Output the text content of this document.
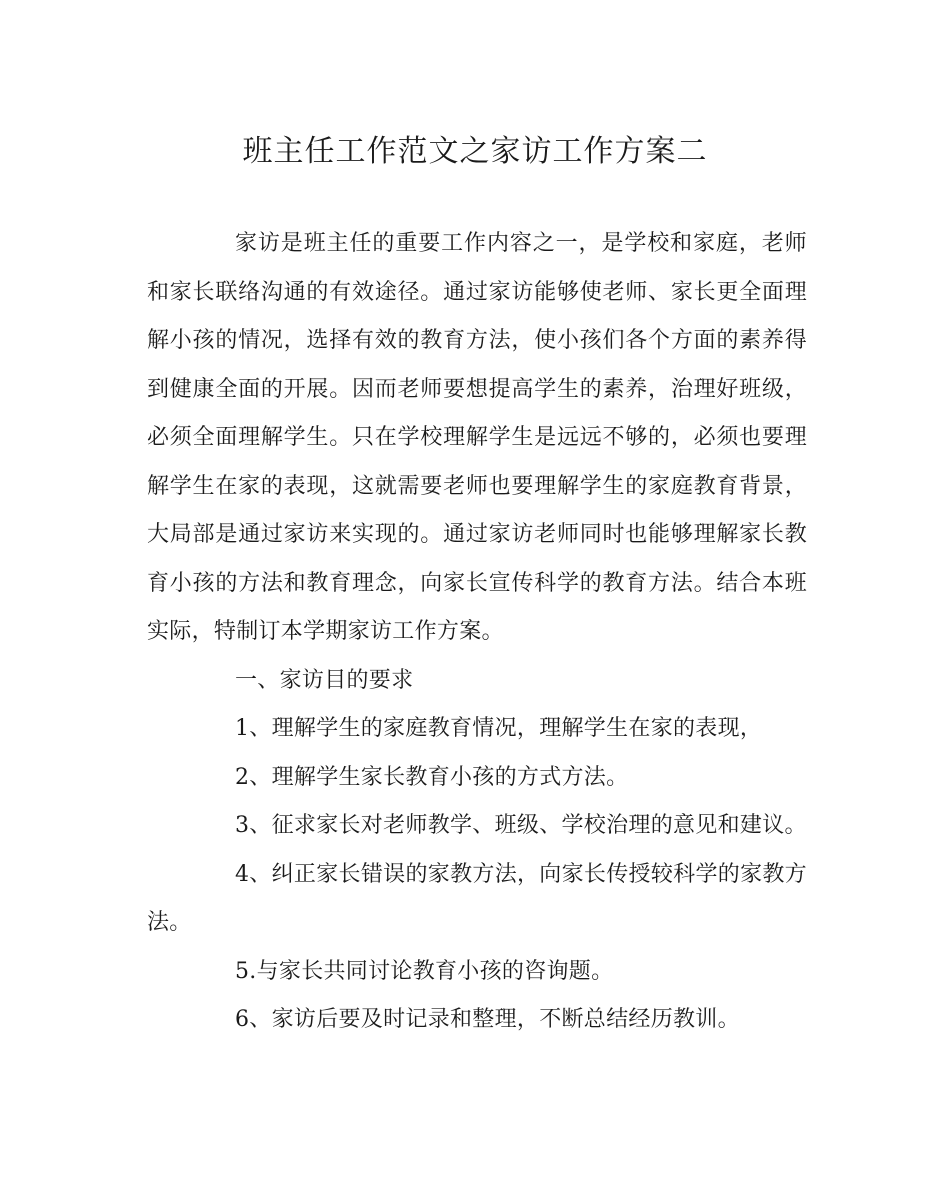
班主任工作范文之家访工作方案二

家访是班主任的重要工作内容之一，是学校和家庭，老师和家长联络沟通的有效途径。通过家访能够使老师、家长更全面理解小孩的情况，选择有效的教育方法，使小孩们各个方面的素养得到健康全面的开展。因而老师要想提高学生的素养，治理好班级，必须全面理解学生。只在学校理解学生是远远不够的，必须也要理解学生在家的表现，这就需要老师也要理解学生的家庭教育背景，大局部是通过家访来实现的。通过家访老师同时也能够理解家长教育小孩的方法和教育理念，向家长宣传科学的教育方法。结合本班实际，特制订本学期家访工作方案。

一、家访目的要求

1、理解学生的家庭教育情况，理解学生在家的表现，

2、理解学生家长教育小孩的方式方法。

3、征求家长对老师教学、班级、学校治理的意见和建议。

4、纠正家长错误的家教方法，向家长传授较科学的家教方法。

5.与家长共同讨论教育小孩的咨询题。

6、家访后要及时记录和整理，不断总结经历教训。
